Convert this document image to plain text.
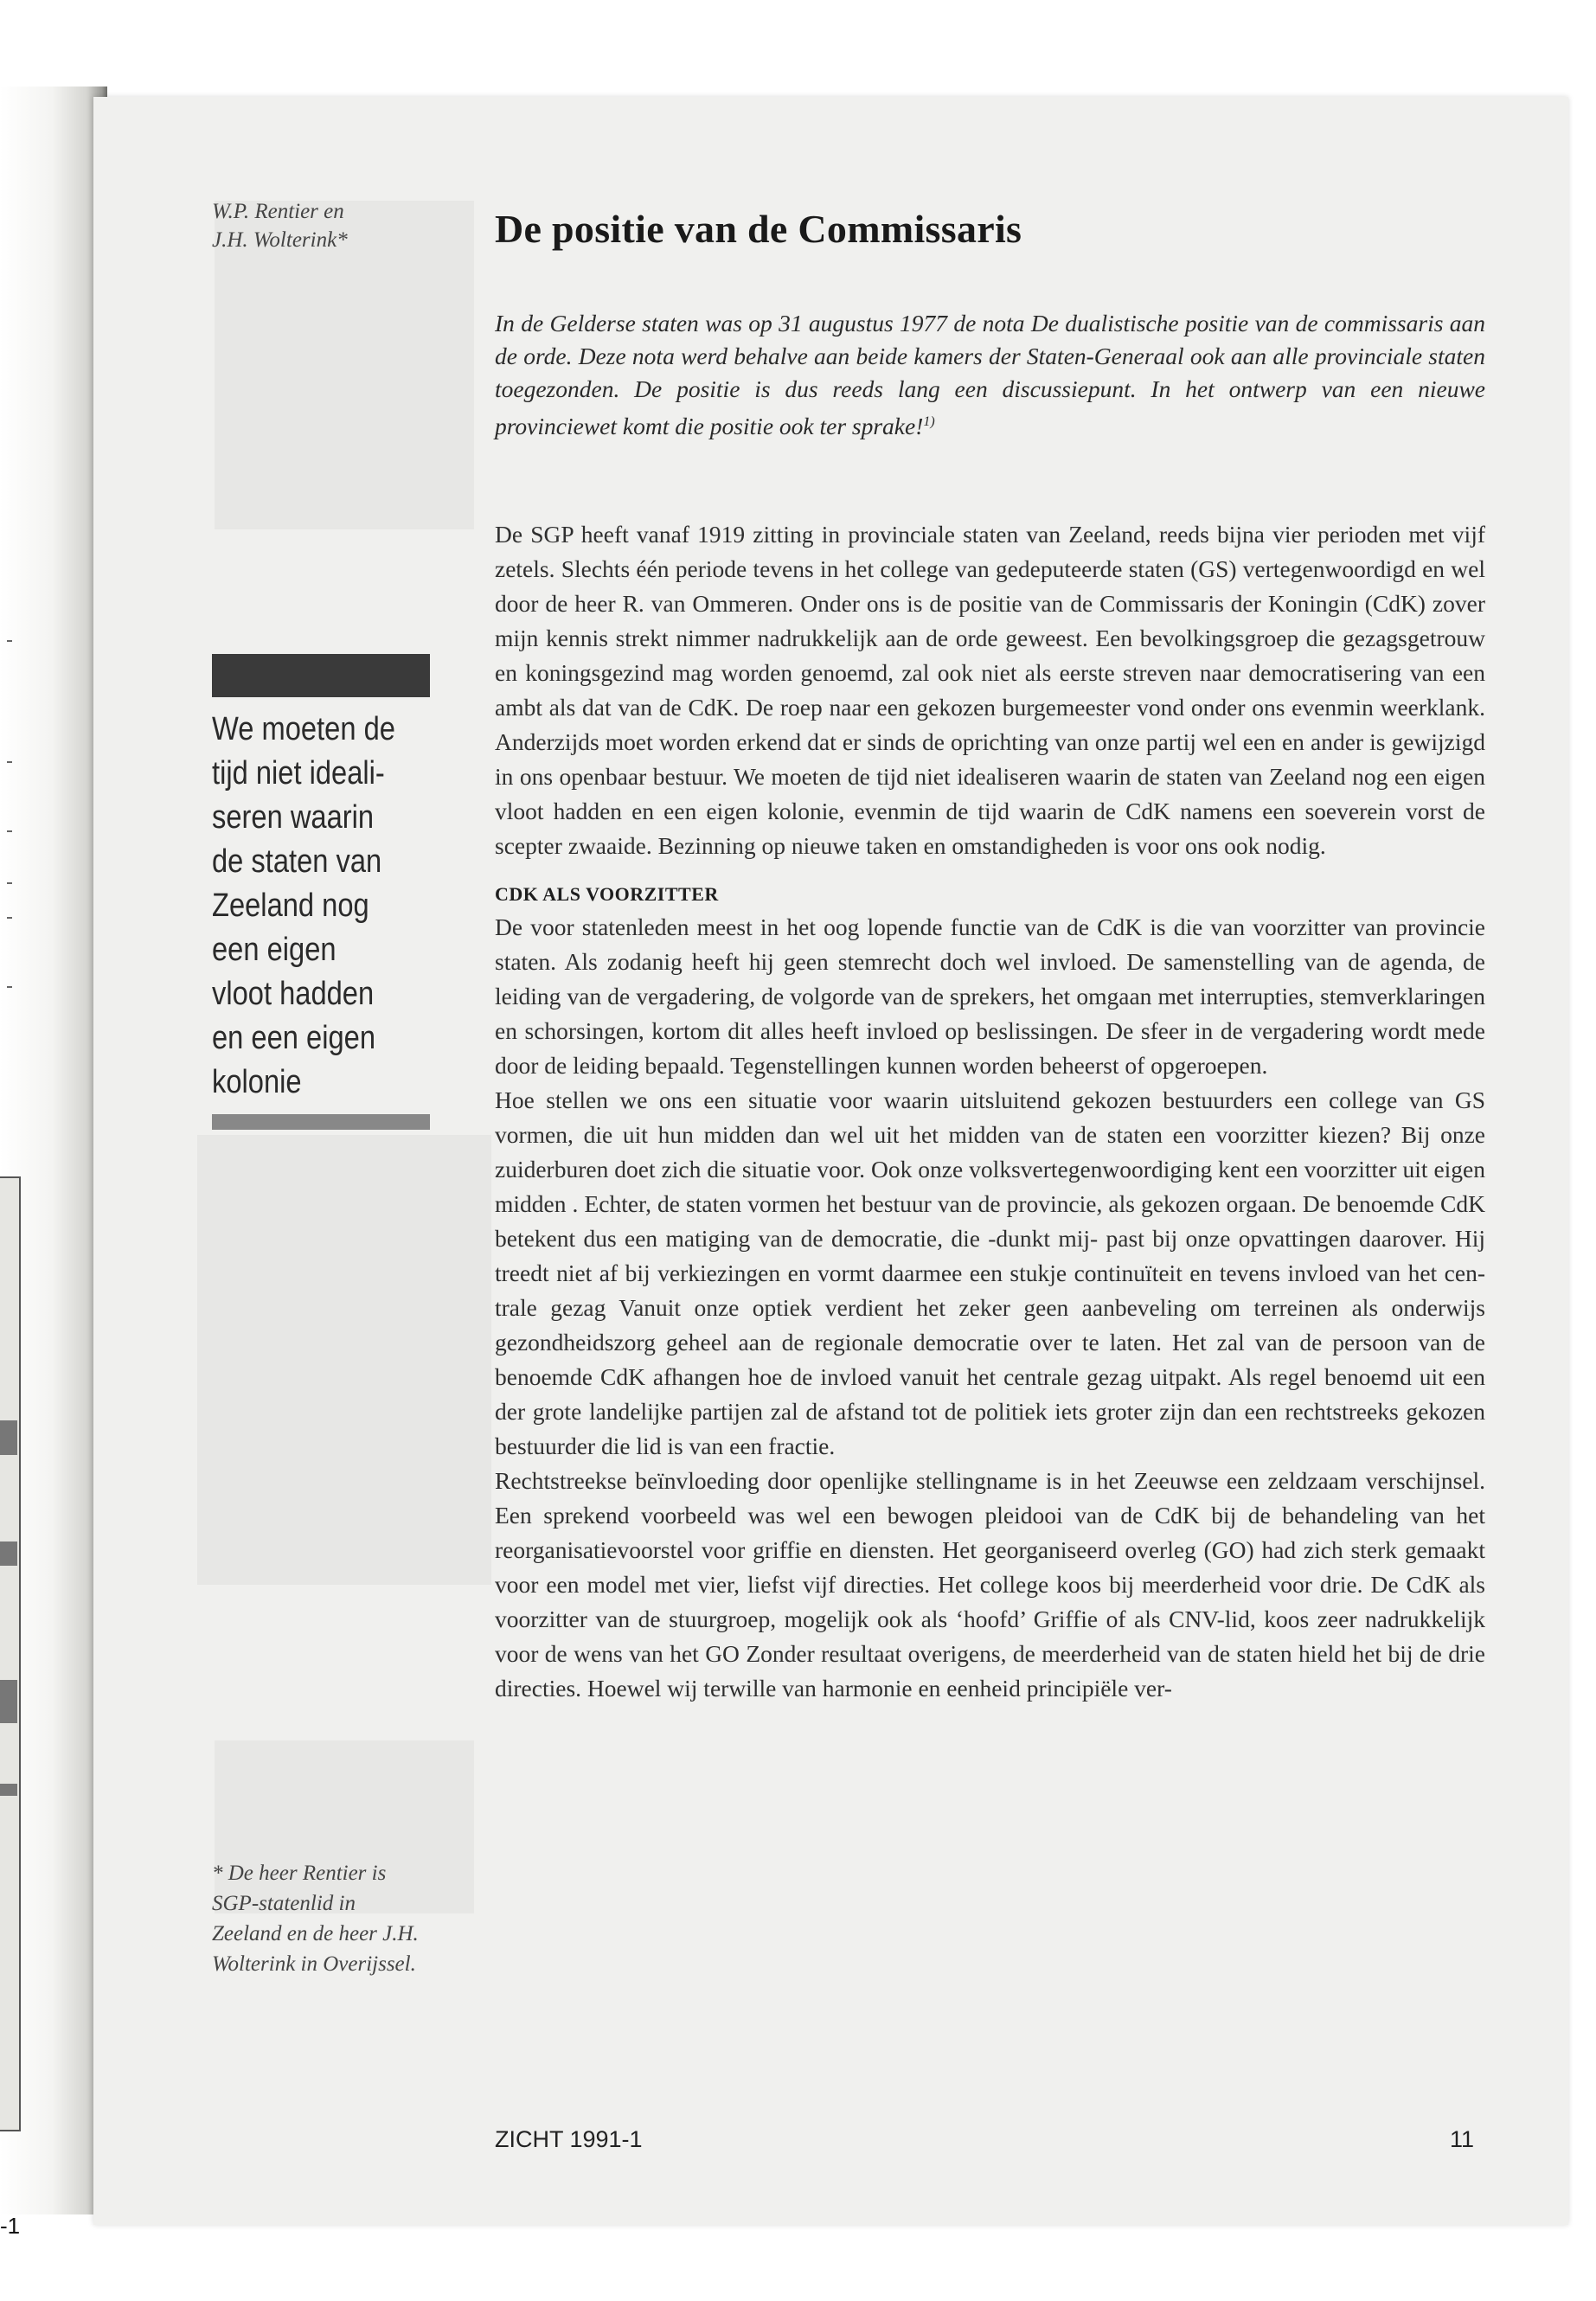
-1
W.P. Rentier en
J.H. Wolterink*	De positie van de Commissaris
In de Gelderse staten was op 31 augustus 1977 de nota De dualistische positie van de commissaris aan de orde. Deze nota werd behalve aan beide kamers der Staten-Generaal ook aan alle provinciale staten toegezonden. De positie is dus reeds lang een discussiepunt. In het ontwerp van een nieuwe provinciewet komt die positie ook ter sprake!$^{1)}$
We moeten de tijd niet idealiseren waarin de staten van Zeeland nog een eigen vloot hadden en een eigen kolonie
* De heer Rentier is SGP-statenlid in Zeeland en de heer J.H. Wolterink in Overijssel.

De SGP heeft vanaf 1919 zitting in provinciale staten van Zeeland, reeds bijna vier perioden met vijf zetels. Slechts één periode tevens in het college van gedeputeerde staten (GS) vertegenwoordigd en wel door de heer R. van Ommeren. Onder ons is de positie van de Commissaris der Koningin (CdK) zover mijn kennis strekt nimmer nadrukkelijk aan de orde geweest. Een bevolkingsgroep die gezagsgetrouw en koningsgezind mag worden genoemd, zal ook niet als eerste streven naar democratisering van een ambt als dat van de CdK. De roep naar een gekozen burgemeester vond onder ons evenmin weerklank. Anderzijds moet worden erkend dat er sinds de oprichting van onze partij wel een en ander is gewijzigd in ons openbaar bestuur. We moeten de tijd niet idealiseren waarin de staten van Zeeland nog een eigen vloot hadden en een eigen kolonie, evenmin de tijd waarin de CdK namens een soeverein vorst de scepter zwaaide. Bezinning op nieuwe taken en omstandigheden is voor ons ook nodig.

CDK ALS VOORZITTER

De voor statenleden meest in het oog lopende functie van de CdK is die van voorzitter van provincie staten. Als zodanig heeft hij geen stemrecht doch wel invloed. De samenstelling van de agenda, de leiding van de vergadering, de volgorde van de sprekers, het omgaan met interrupties, stemverklaringen en schorsingen, kortom dit alles heeft invloed op beslissingen. De sfeer in de vergadering wordt mede door de leiding bepaald. Tegenstellingen kunnen worden beheerst of opgeroepen.

Hoe stellen we ons een situatie voor waarin uitsluitend gekozen bestuurders een college van GS vormen, die uit hun midden dan wel uit het midden van de staten een voorzitter kiezen? Bij onze zuiderburen doet zich die situatie voor. Ook onze volksvertegenwoordiging kent een voorzitter uit eigen midden . Echter, de staten vormen het bestuur van de provincie, als gekozen orgaan. De benoemde CdK betekent dus een matiging van de democratie, die -dunkt mij- past bij onze opvattingen daarover. Hij treedt niet af bij verkiezingen en vormt daarmee een stukje continuïteit en tevens invloed van het centrale gezag Vanuit onze optiek verdient het zeker geen aanbeveling om terreinen als onderwijs gezondheidszorg geheel aan de regionale democratie over te laten. Het zal van de persoon van de benoemde CdK afhangen hoe de invloed vanuit het centrale gezag uitpakt. Als regel benoemd uit een der grote landelijke partijen zal de afstand tot de politiek iets groter zijn dan een rechtstreeks gekozen bestuurder die lid is van een fractie.

Rechtstreekse beïnvloeding door openlijke stellingname is in het Zeeuwse een zeldzaam verschijnsel. Een sprekend voorbeeld was wel een bewogen pleidooi van de CdK bij de behandeling van het reorganisatievoorstel voor griffie en diensten. Het georganiseerd overleg (GO) had zich sterk gemaakt voor een model met vier, liefst vijf directies. Het college koos bij meerderheid voor drie. De CdK als voorzitter van de stuurgroep, mogelijk ook als ‘hoofd’ Griffie of als CNV-lid, koos zeer nadrukkelijk voor de wens van het GO Zonder resultaat overigens, de meerderheid van de staten hield het bij de drie directies. Hoewel wij terwille van harmonie en eenheid principiële ver-

ZICHT 1991-1	11
